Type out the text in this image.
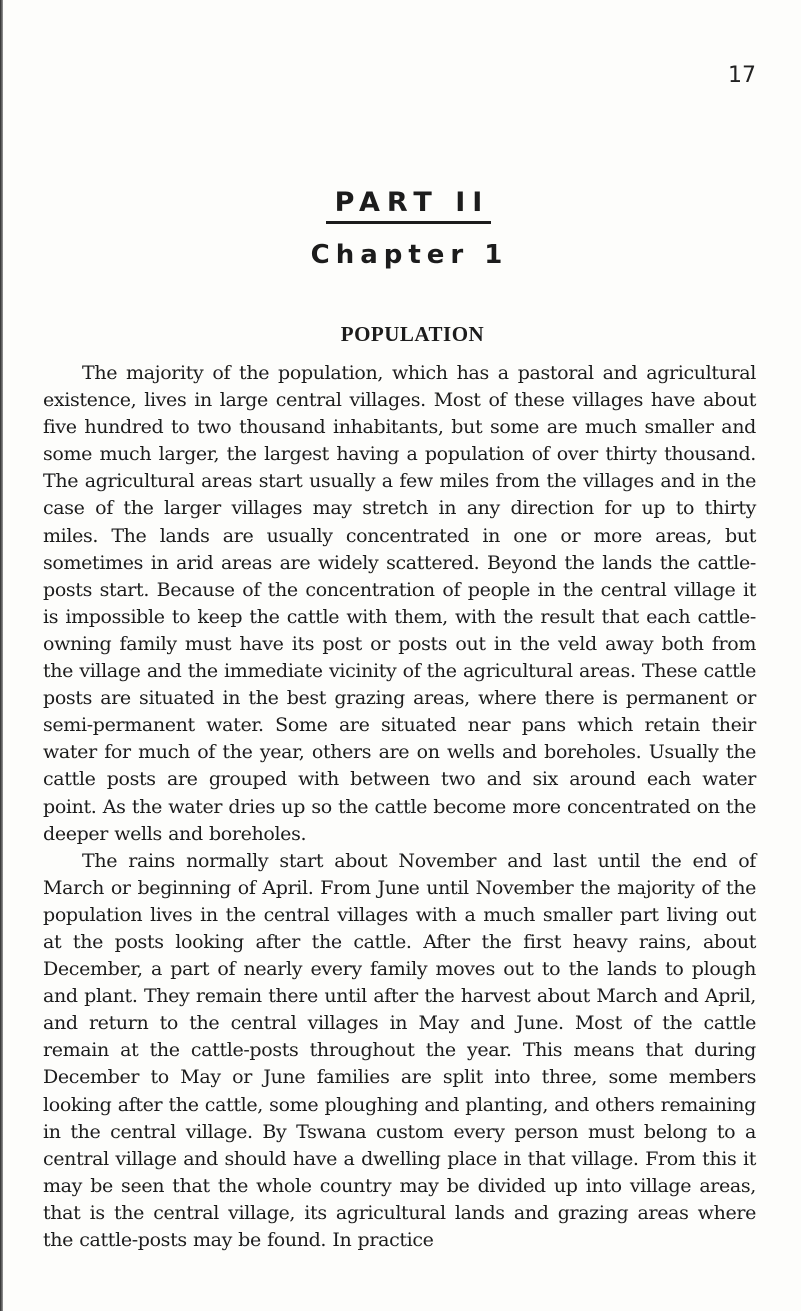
17
PART II
Chapter 1
POPULATION

The majority of the population, which has a pastoral and agricultural existence, lives in large central villages. Most of these villages have about five hundred to two thousand inhabitants, but some are much smaller and some much larger, the largest having a population of over thirty thousand. The agricultural areas start usually a few miles from the villages and in the case of the larger villages may stretch in any direction for up to thirty miles. The lands are usually concentrated in one or more areas, but sometimes in arid areas are widely scattered. Beyond the lands the cattle-posts start. Because of the concentration of people in the central village it is impossible to keep the cattle with them, with the result that each cattle-owning family must have its post or posts out in the veld away both from the village and the immediate vicinity of the agricultural areas. These cattle posts are situated in the best grazing areas, where there is permanent or semi-permanent water. Some are situated near pans which retain their water for much of the year, others are on wells and boreholes. Usually the cattle posts are grouped with between two and six around each water point. As the water dries up so the cattle become more concentrated on the deeper wells and boreholes.

The rains normally start about November and last until the end of March or beginning of April. From June until November the majority of the population lives in the central villages with a much smaller part living out at the posts looking after the cattle. After the first heavy rains, about December, a part of nearly every family moves out to the lands to plough and plant. They remain there until after the harvest about March and April, and return to the central villages in May and June. Most of the cattle remain at the cattle-posts throughout the year. This means that during December to May or June families are split into three, some members looking after the cattle, some ploughing and planting, and others remaining in the central village. By Tswana custom every person must belong to a central village and should have a dwelling place in that village. From this it may be seen that the whole country may be divided up into village areas, that is the central village, its agricultural lands and grazing areas where the cattle-posts may be found. In practice
